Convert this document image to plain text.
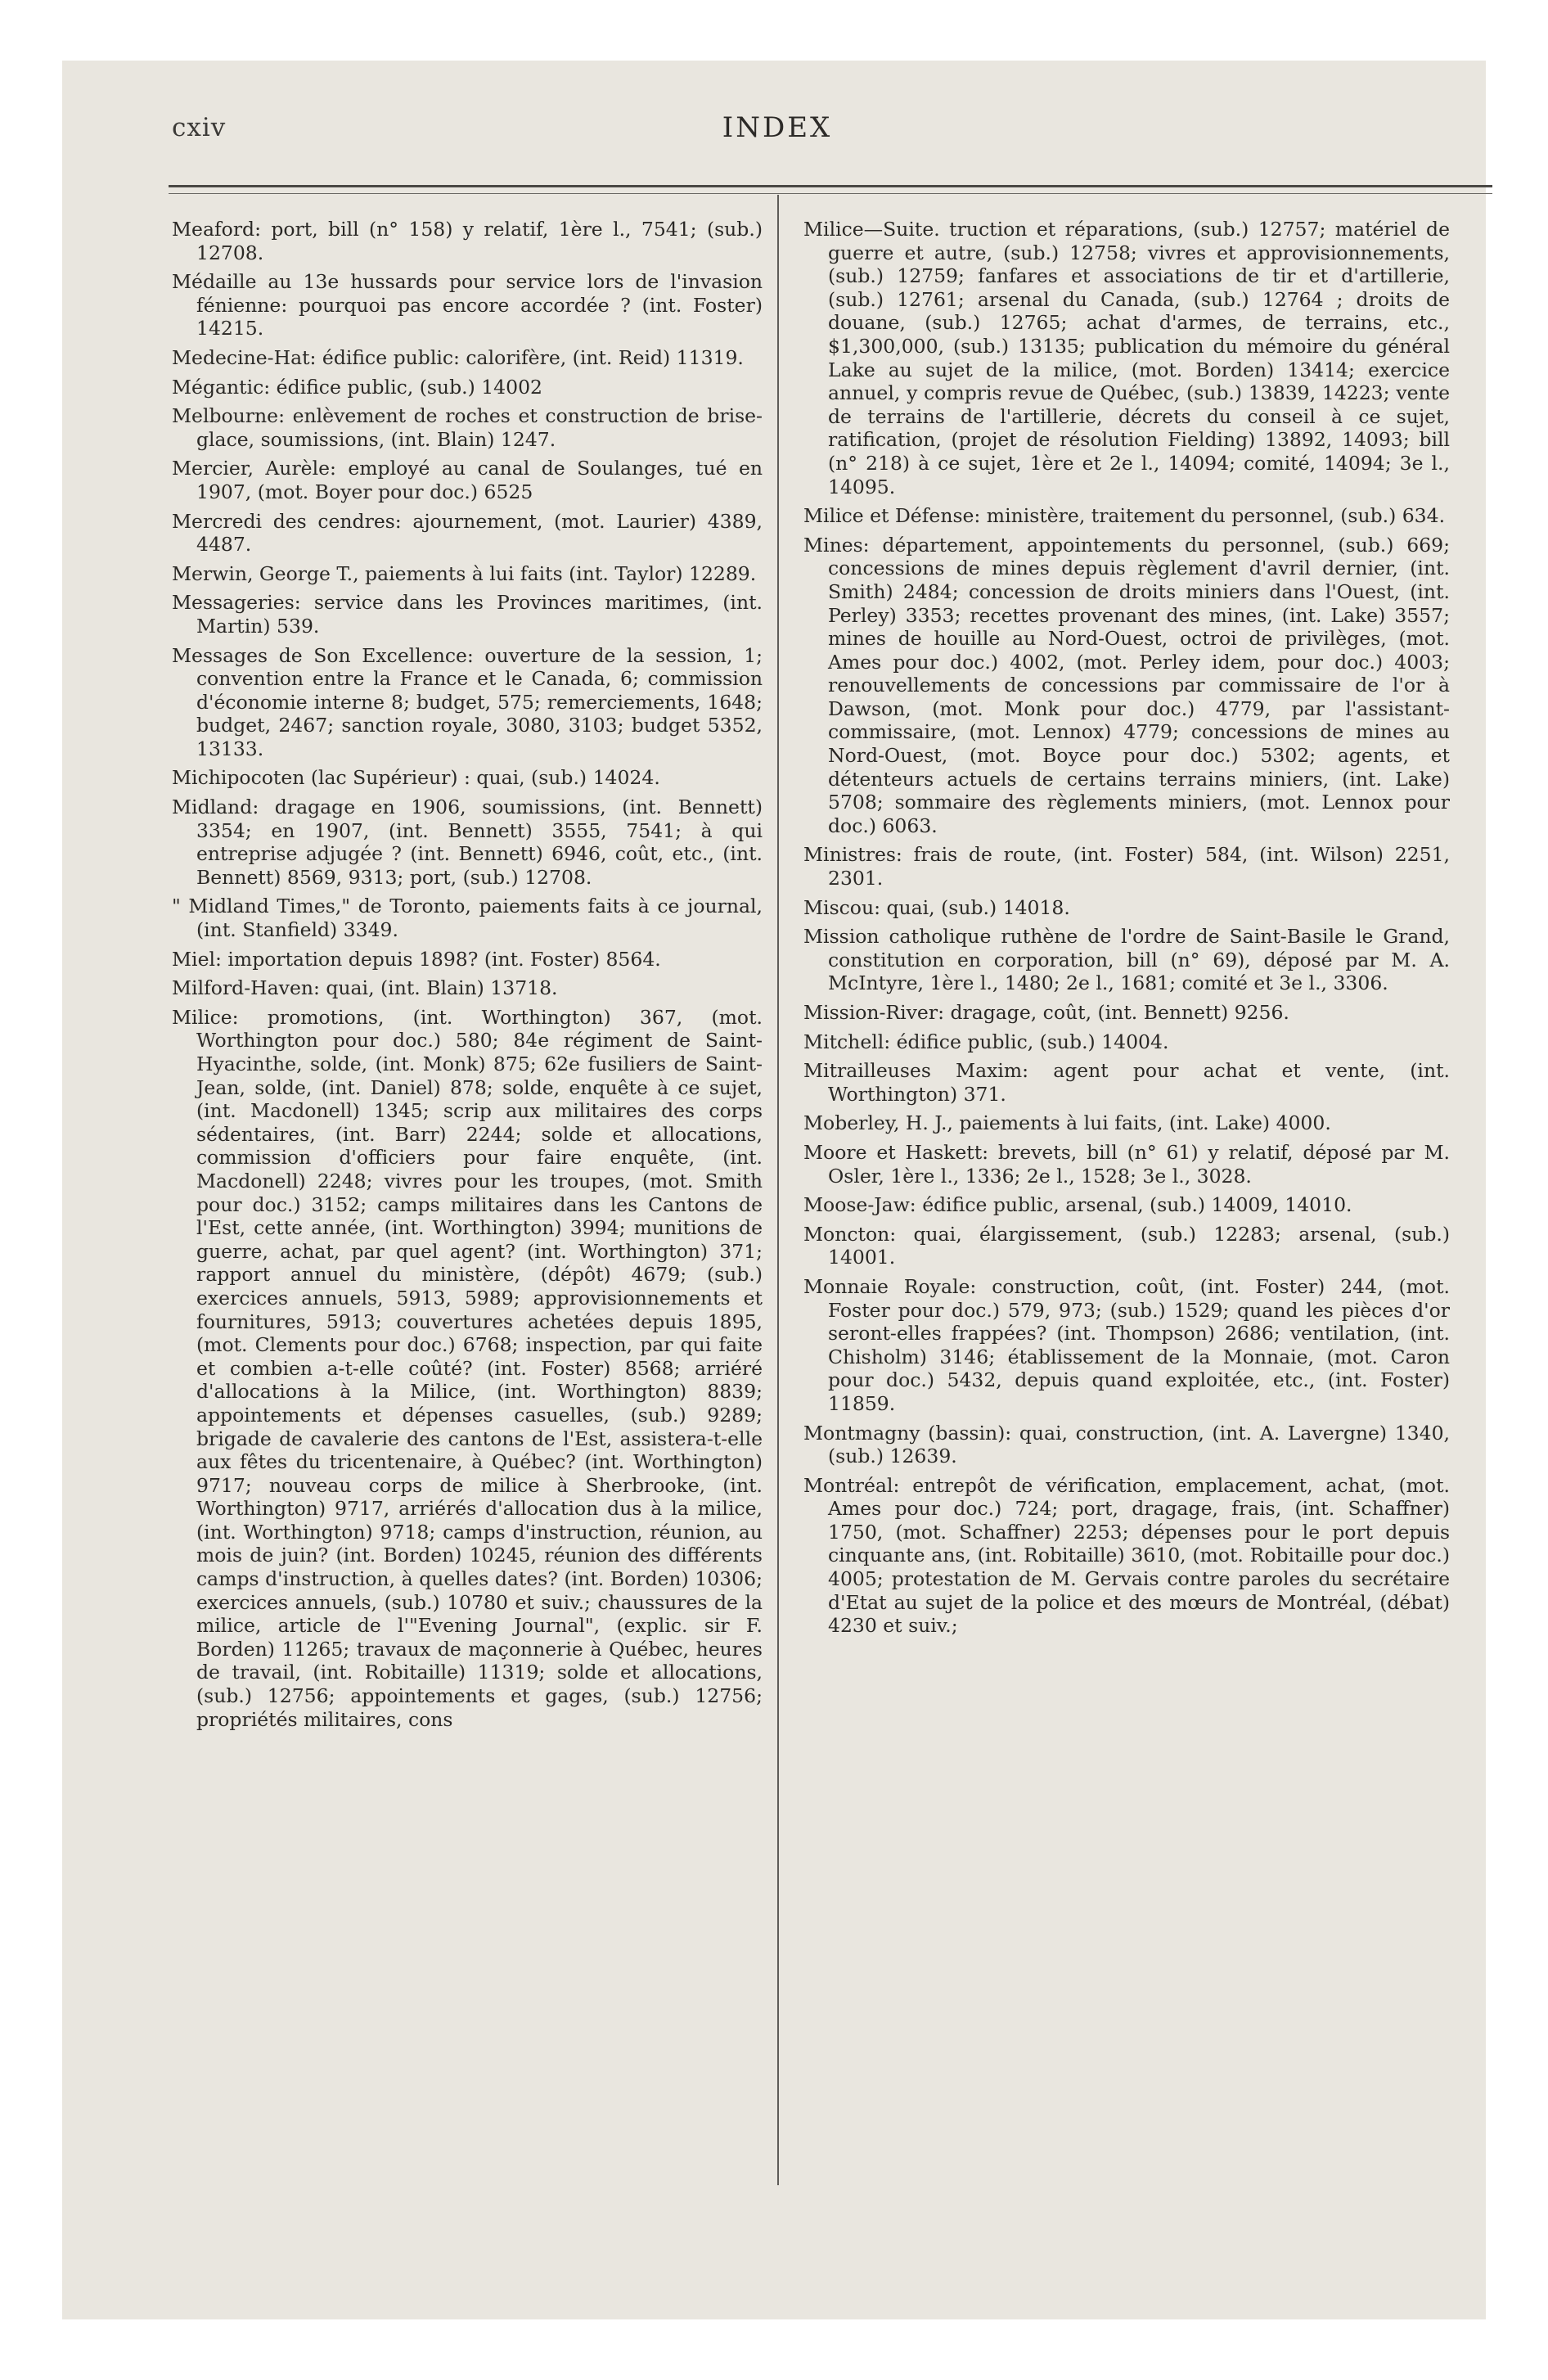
cxiv	INDEX

Meaford: port, bill (n° 158) y relatif, 1ère l., 7541; (sub.) 12708.

Médaille au 13e hussards pour service lors de l'invasion fénienne: pourquoi pas encore accordée ? (int. Foster) 14215.

Medecine-Hat: édifice public: calorifère, (int. Reid) 11319.

Mégantic: édifice public, (sub.) 14002

Melbourne: enlèvement de roches et construction de brise-glace, soumissions, (int. Blain) 1247.

Mercier, Aurèle: employé au canal de Soulanges, tué en 1907, (mot. Boyer pour doc.) 6525

Mercredi des cendres: ajournement, (mot. Laurier) 4389, 4487.

Merwin, George T., paiements à lui faits (int. Taylor) 12289.

Messageries: service dans les Provinces maritimes, (int. Martin) 539.

Messages de Son Excellence: ouverture de la session, 1; convention entre la France et le Canada, 6; commission d'économie interne 8; budget, 575; remerciements, 1648; budget, 2467; sanction royale, 3080, 3103; budget 5352, 13133.

Michipocoten (lac Supérieur) : quai, (sub.) 14024.

Midland: dragage en 1906, soumissions, (int. Bennett) 3354; en 1907, (int. Bennett) 3555, 7541; à qui entreprise adjugée ? (int. Bennett) 6946, coût, etc., (int. Bennett) 8569, 9313; port, (sub.) 12708.

" Midland Times," de Toronto, paiements faits à ce journal, (int. Stanfield) 3349.

Miel: importation depuis 1898? (int. Foster) 8564.

Milford-Haven: quai, (int. Blain) 13718.

Milice: promotions, (int. Worthington) 367, (mot. Worthington pour doc.) 580; 84e régiment de Saint-Hyacinthe, solde, (int. Monk) 875; 62e fusiliers de Saint-Jean, solde, (int. Daniel) 878; solde, enquête à ce sujet, (int. Macdonell) 1345; scrip aux militaires des corps sédentaires, (int. Barr) 2244; solde et allocations, commission d'officiers pour faire enquête, (int. Macdonell) 2248; vivres pour les troupes, (mot. Smith pour doc.) 3152; camps militaires dans les Cantons de l'Est, cette année, (int. Worthington) 3994; munitions de guerre, achat, par quel agent? (int. Worthington) 371; rapport annuel du ministère, (dépôt) 4679; (sub.) exercices annuels, 5913, 5989; approvisionnements et fournitures, 5913; couvertures achetées depuis 1895, (mot. Clements pour doc.) 6768; inspection, par qui faite et combien a-t-elle coûté? (int. Foster) 8568; arriéré d'allocations à la Milice, (int. Worthington) 8839; appointements et dépenses casuelles, (sub.) 9289; brigade de cavalerie des cantons de l'Est, assistera-t-elle aux fêtes du tricentenaire, à Québec? (int. Worthington) 9717; nouveau corps de milice à Sherbrooke, (int. Worthington) 9717, arriérés d'allocation dus à la milice, (int. Worthington) 9718; camps d'instruction, réunion, au mois de juin? (int. Borden) 10245, réunion des différents camps d'instruction, à quelles dates? (int. Borden) 10306; exercices annuels, (sub.) 10780 et suiv.; chaussures de la milice, article de l'"Evening Journal", (explic. sir F. Borden) 11265; travaux de maçonnerie à Québec, heures de travail, (int. Robitaille) 11319; solde et allocations, (sub.) 12756; appointements et gages, (sub.) 12756; propriétés militaires, cons

Milice—Suite. truction et réparations, (sub.) 12757; matériel de guerre et autre, (sub.) 12758; vivres et approvisionnements, (sub.) 12759; fanfares et associations de tir et d'artillerie, (sub.) 12761; arsenal du Canada, (sub.) 12764 ; droits de douane, (sub.) 12765; achat d'armes, de terrains, etc., $1,300,000, (sub.) 13135; publication du mémoire du général Lake au sujet de la milice, (mot. Borden) 13414; exercice annuel, y compris revue de Québec, (sub.) 13839, 14223; vente de terrains de l'artillerie, décrets du conseil à ce sujet, ratification, (projet de résolution Fielding) 13892, 14093; bill (n° 218) à ce sujet, 1ère et 2e l., 14094; comité, 14094; 3e l., 14095.

Milice et Défense: ministère, traitement du personnel, (sub.) 634.

Mines: département, appointements du personnel, (sub.) 669; concessions de mines depuis règlement d'avril dernier, (int. Smith) 2484; concession de droits miniers dans l'Ouest, (int. Perley) 3353; recettes provenant des mines, (int. Lake) 3557; mines de houille au Nord-Ouest, octroi de privilèges, (mot. Ames pour doc.) 4002, (mot. Perley idem, pour doc.) 4003; renouvellements de concessions par commissaire de l'or à Dawson, (mot. Monk pour doc.) 4779, par l'assistant- commissaire, (mot. Lennox) 4779; concessions de mines au Nord-Ouest, (mot. Boyce pour doc.) 5302; agents, et détenteurs actuels de certains terrains miniers, (int. Lake) 5708; sommaire des règlements miniers, (mot. Lennox pour doc.) 6063.

Ministres: frais de route, (int. Foster) 584, (int. Wilson) 2251, 2301.

Miscou: quai, (sub.) 14018.

Mission catholique ruthène de l'ordre de Saint-Basile le Grand, constitution en corporation, bill (n° 69), déposé par M. A. McIntyre, 1ère l., 1480; 2e l., 1681; comité et 3e l., 3306.

Mission-River: dragage, coût, (int. Bennett) 9256.

Mitchell: édifice public, (sub.) 14004.

Mitrailleuses Maxim: agent pour achat et vente, (int. Worthington) 371.

Moberley, H. J., paiements à lui faits, (int. Lake) 4000.

Moore et Haskett: brevets, bill (n° 61) y relatif, déposé par M. Osler, 1ère l., 1336; 2e l., 1528; 3e l., 3028.

Moose-Jaw: édifice public, arsenal, (sub.) 14009, 14010.

Moncton: quai, élargissement, (sub.) 12283; arsenal, (sub.) 14001.

Monnaie Royale: construction, coût, (int. Foster) 244, (mot. Foster pour doc.) 579, 973; (sub.) 1529; quand les pièces d'or seront-elles frappées? (int. Thompson) 2686; ventilation, (int. Chisholm) 3146; établissement de la Monnaie, (mot. Caron pour doc.) 5432, depuis quand exploitée, etc., (int. Foster) 11859.

Montmagny (bassin): quai, construction, (int. A. Lavergne) 1340, (sub.) 12639.

Montréal: entrepôt de vérification, emplacement, achat, (mot. Ames pour doc.) 724; port, dragage, frais, (int. Schaffner) 1750, (mot. Schaffner) 2253; dépenses pour le port depuis cinquante ans, (int. Robitaille) 3610, (mot. Robitaille pour doc.) 4005; protestation de M. Gervais contre paroles du secrétaire d'Etat au sujet de la police et des mœurs de Montréal, (débat) 4230 et suiv.;
